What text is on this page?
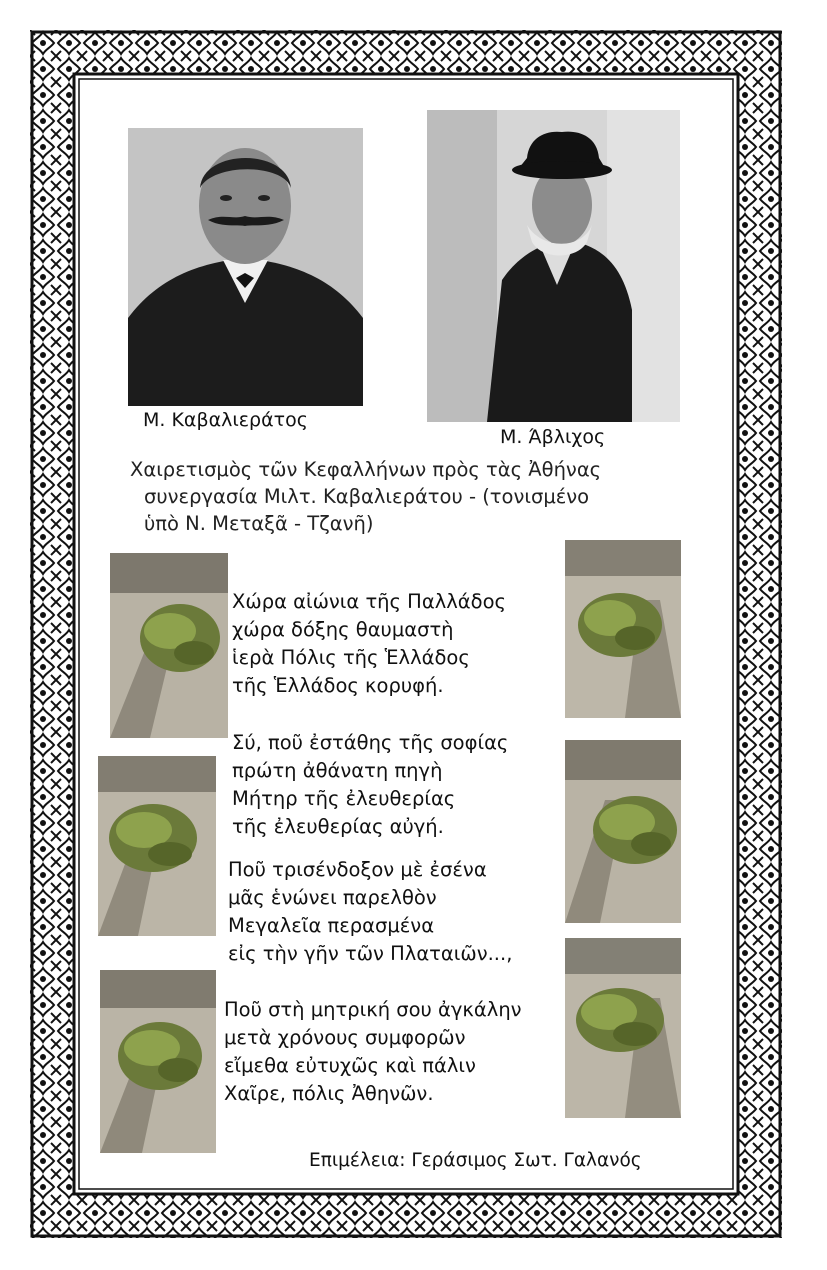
Μ. Καβαλιεράτος
Μ. Άβλιχος
Χαιρετισμὸς τῶν Κεφαλλήνων πρὸς τὰς Ἀθήνας
συνεργασία Μιλτ. Καβαλιεράτου - (τονισμένο
ὑπὸ Ν. Μεταξᾶ - Τζανῆ)
Χώρα αἰώνια τῆς Παλλάδος
χώρα δόξης θαυμαστὴ
ἱερὰ Πόλις τῆς Ἑλλάδος
τῆς Ἑλλάδος κορυφή.
Σύ, ποῦ ἐστάθης τῆς σοφίας
πρώτη ἀθάνατη πηγὴ
Μήτηρ τῆς ἐλευθερίας
τῆς ἐλευθερίας αὐγή.
Ποῦ τρισένδοξον μὲ ἐσένα
μᾶς ἑνώνει παρελθὸν
Μεγαλεῖα περασμένα
εἰς τὴν γῆν τῶν Πλαταιῶν...,
Ποῦ στὴ μητρική σου ἀγκάλην
μετὰ χρόνους συμφορῶν
εἴμεθα εὐτυχῶς καὶ πάλιν
Χαῖρε, πόλις Ἀθηνῶν.
Επιμέλεια: Γεράσιμος Σωτ. Γαλανός
